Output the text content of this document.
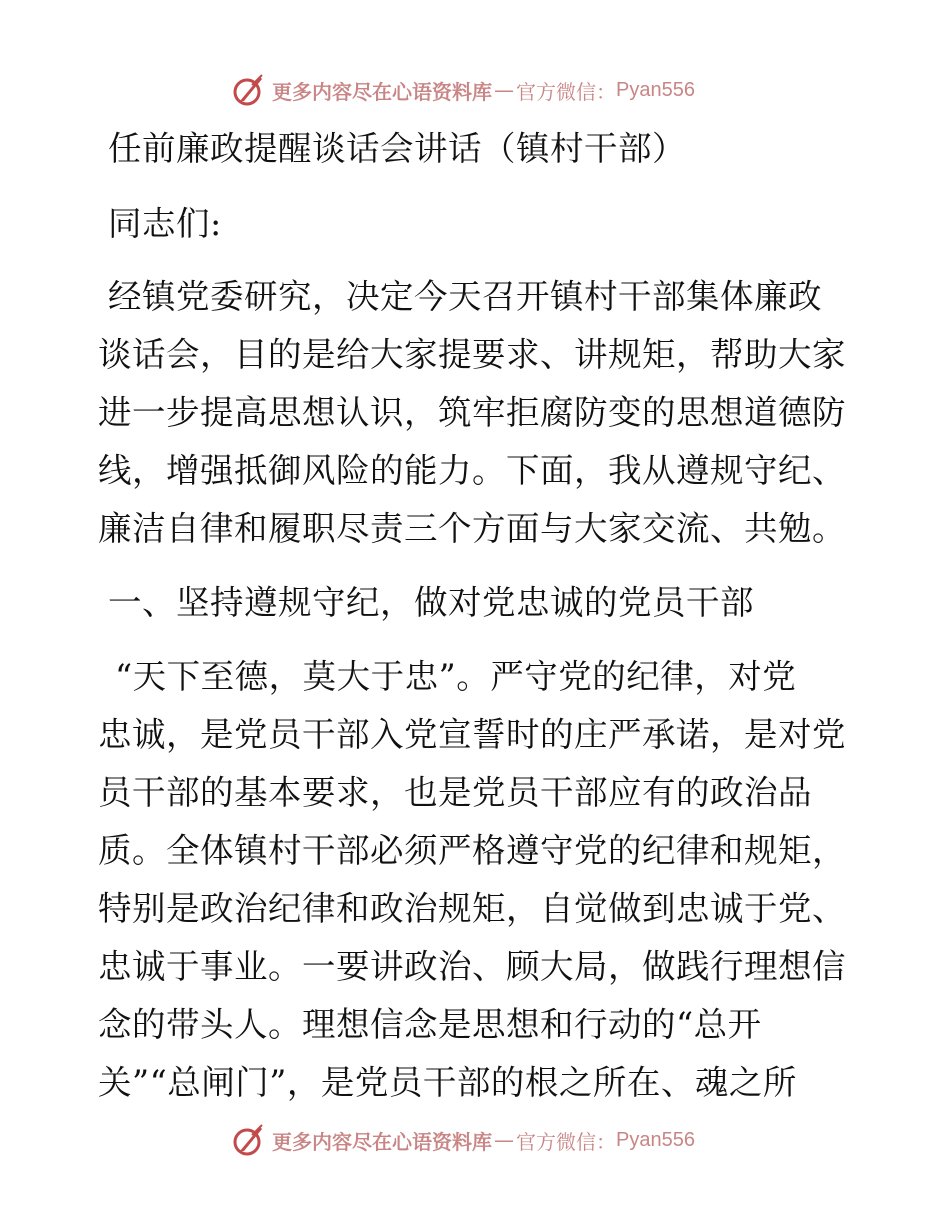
更多内容尽在心语资料库 — 官方微信： Pyan556
任前廉政提醒谈话会讲话（镇村干部）
同志们:
经镇党委研究，决定今天召开镇村干部集体廉政
谈话会，目的是给大家提要求、讲规矩，帮助大家
进一步提高思想认识，筑牢拒腐防变的思想道德防
线，增强抵御风险的能力。下面，我从遵规守纪、
廉洁自律和履职尽责三个方面与大家交流、共勉。
一、坚持遵规守纪，做对党忠诚的党员干部
“天下至德，莫大于忠”。严守党的纪律，对党
忠诚，是党员干部入党宣誓时的庄严承诺，是对党
员干部的基本要求，也是党员干部应有的政治品
质。全体镇村干部必须严格遵守党的纪律和规矩，
特别是政治纪律和政治规矩，自觉做到忠诚于党、
忠诚于事业。一要讲政治、顾大局，做践行理想信
念的带头人。理想信念是思想和行动的“总开
关”“总闸门”，是党员干部的根之所在、魂之所
更多内容尽在心语资料库 — 官方微信： Pyan556
